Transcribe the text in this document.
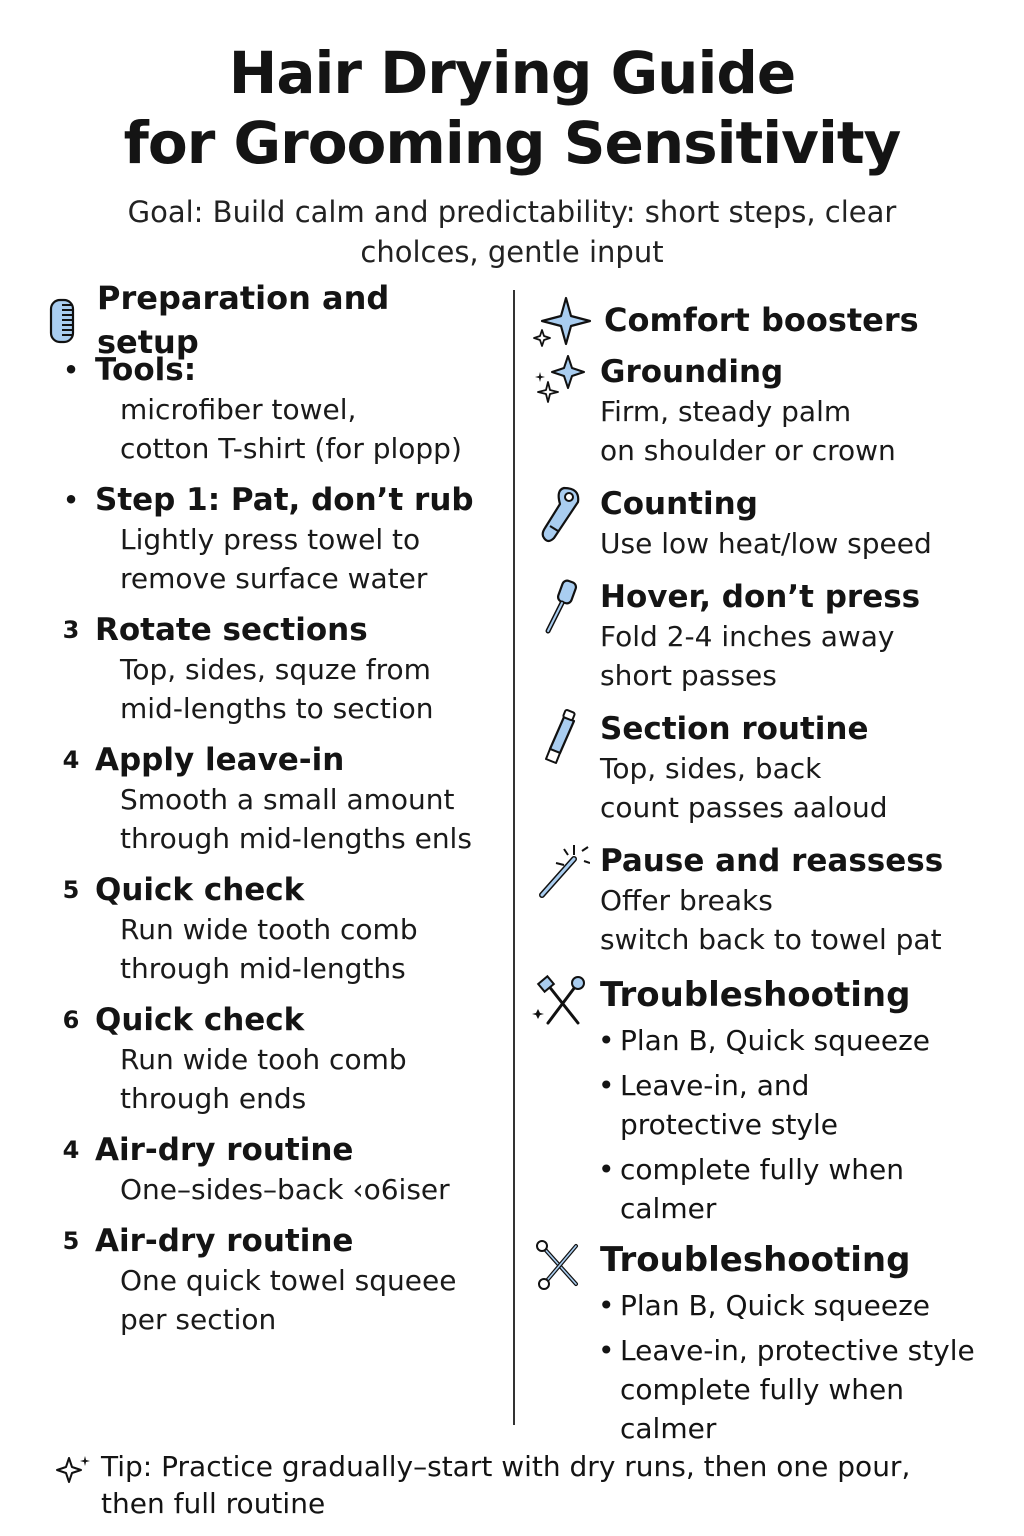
Hair Drying Guide
for Grooming Sensitivity
Goal: Build calm and predictability: short steps, clear cholces, gentle input
Preparation and setup
• Tools:
microfiber towel,
cotton T-shirt (for plopp)
• Step 1: Pat, don’t rub
Lightly press towel to
remove surface water
3 Rotate sections
Top, sides, squze from
mid-lengths to section
4 Apply leave-in
Smooth a small amount
through mid-lengths enls
5 Quick check
Run wide tooth comb
through mid-lengths
6 Quick check
Run wide tooh comb
through ends
4 Air-dry routine
One–sides–back ‹o6iser
5 Air-dry routine
One quick towel squeee
per section
Comfort boosters
Grounding
Firm, steady palm
on shoulder or crown
Counting
Use low heat/low speed
Hover, don’t press
Fold 2-4 inches away
short passes
Section routine
Top, sides, back
count passes aaloud
Pause and reassess
Offer breaks
switch back to towel pat
Troubleshooting
• Plan B, Quick squeeze
• Leave-in, and
protective style
• complete fully when
calmer
Troubleshooting
• Plan B, Quick squeeze
• Leave-in, protective style
complete fully when
calmer
Tip: Practice gradually–start with dry runs, then one pour,
then full routine
